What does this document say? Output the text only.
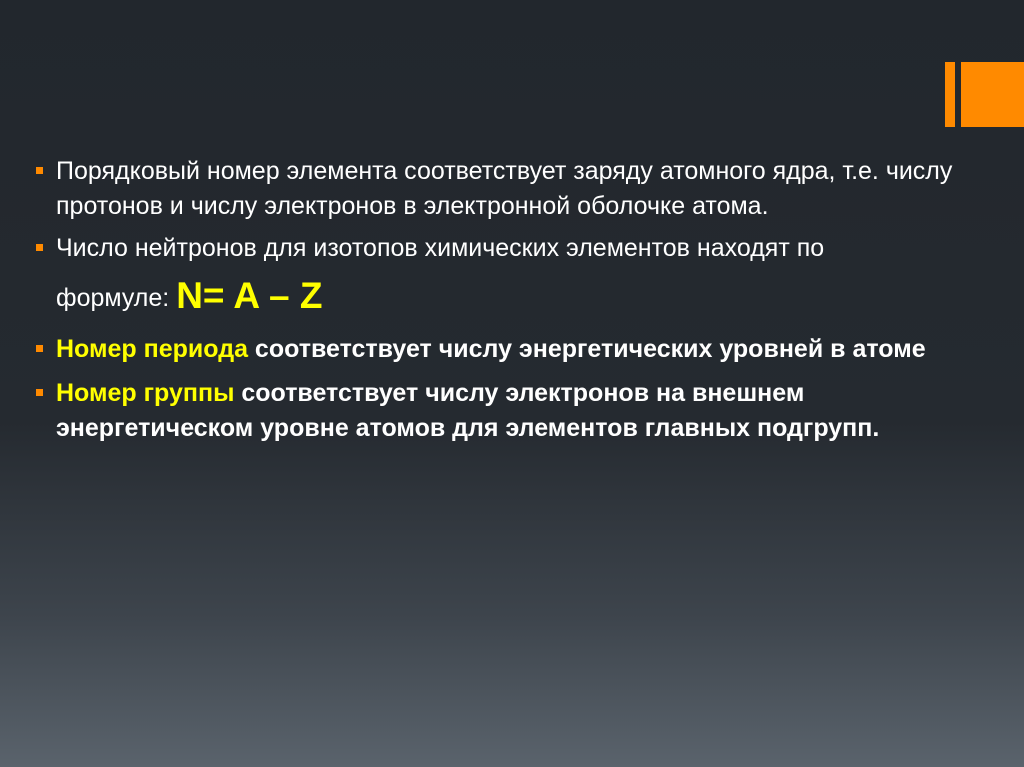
Порядковый номер элемента соответствует заряду атомного ядра, т.е. числу протонов и числу электронов в электронной оболочке атома.
Число нейтронов для изотопов химических элементов находят по
формуле: N= A – Z
Номер периода соответствует числу энергетических уровней в атоме
Номер группы соответствует числу электронов на внешнем энергетическом уровне атомов для элементов главных подгрупп.
